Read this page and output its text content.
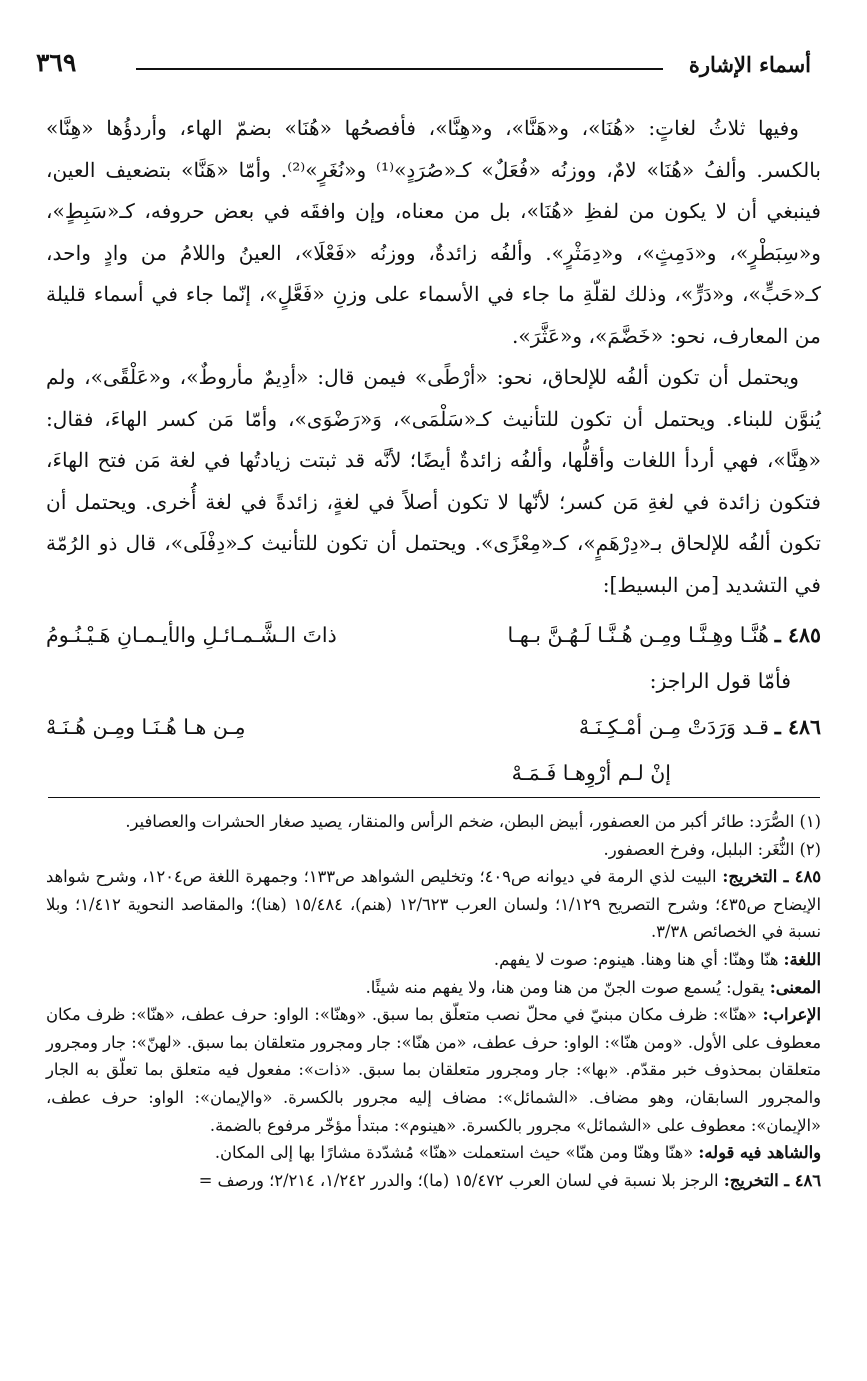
أسماء الإشارة
٣٦٩

وفيها ثلاثُ لغاتٍ: «هُنَا»، و«هَنَّا»، و«هِنَّا»، فأفصحُها «هُنَا» بضمّ الهاء، وأردؤُها «هِنَّا» بالكسر. وألفُ «هُنَا» لامٌ، ووزنُه «فُعَلٌ» كـ«صُرَدٍ»⁽¹⁾ و«نُغَرٍ»⁽²⁾. وأمّا «هَنَّا» بتضعيف العين، فينبغي أن لا يكون من لفظِ «هُنَا»، بل من معناه، وإن وافقَه في بعض حروفه، كـ«سَبِطٍ»، و«سِبَطْرٍ»، و«دَمِثٍ»، و«دِمَثْرٍ». وألفُه زائدةٌ، ووزنُه «فَعْلَا»، العينُ واللامُ من وادٍ واحد، كـ«حَبٍّ»، و«دَرٍّ»، وذلك لقلّةِ ما جاء في الأسماء على وزنِ «فَعَّلٍ»، إنّما جاء في أسماء قليلة من المعارف، نحو: «خَضَّمَ»، و«عَثَّرَ».

ويحتمل أن تكون ألفُه للإلحاق، نحو: «أرْطًى» فيمن قال: «أدِيمٌ مأروطٌ»، و«عَلْقًى»، ولم يُنوَّن للبناء. ويحتمل أن تكون للتأنيث كـ«سَلْمَى»، وَ«رَضْوَى»، وأمّا مَن كسر الهاءَ، فقال: «هِنَّا»، فهي أردأ اللغات وأقلُّها، وألفُه زائدةٌ أيضًا؛ لأنَّه قد ثبتت زيادتُها في لغة مَن فتح الهاءَ، فتكون زائدة في لغةِ مَن كسر؛ لأنّها لا تكون أصلاً في لغةٍ، زائدةً في لغة أُخرى. ويحتمل أن تكون ألفُه للإلحاق بـ«دِرْهَمٍ»، كـ«مِعْزًى». ويحتمل أن تكون للتأنيث كـ«دِفْلَى»، قال ذو الرُمّة في التشديد [من البسيط]:

٤٨٥ ـ
هُنَّـا وهِـنَّـا ومِـن هُـنَّـا لَـهُـنَّ بـهـا
ذاتَ الـشَّـمـائـلِ والأيـمـانِ هَـيْـنُـومُ

فأمّا قول الراجز:

٤٨٦ ـ
قـد وَرَدَتْ مِـن أمْـكِـنَـهْ
مِـن هـا هُـنَـا ومِـن هُـنَـهْ
إنْ لـم أرْوِهـا فَـمَـهْ

(١) الصُّرَد: طائر أكبر من العصفور، أبيض البطن، ضخم الرأس والمنقار، يصيد صغار الحشرات والعصافير.

(٢) النُّغَر: البلبل، وفرخ العصفور.

٤٨٥ ـ التخريج: البيت لذي الرمة في ديوانه ص٤٠٩؛ وتخليص الشواهد ص١٣٣؛ وجمهرة اللغة ص١٢٠٤، وشرح شواهد الإيضاح ص٤٣٥؛ وشرح التصريح ١/١٢٩؛ ولسان العرب ١٢/٦٢٣ (هنم)، ١٥/٤٨٤ (هنا)؛ والمقاصد النحوية ١/٤١٢؛ وبلا نسبة في الخصائص ٣/٣٨.

اللغة: هنّا وهنّا: أي هنا وهنا. هينوم: صوت لا يفهم.

المعنى: يقول: يُسمع صوت الجنّ من هنا ومن هنا، ولا يفهم منه شيئًا.

الإعراب: «هنّا»: ظرف مكان مبنيّ في محلّ نصب متعلّق بما سبق. «وهنّا»: الواو: حرف عطف، «هنّا»: ظرف مكان معطوف على الأول. «ومن هنّا»: الواو: حرف عطف، «من هنّا»: جار ومجرور متعلقان بما سبق. «لهنّ»: جار ومجرور متعلقان بمحذوف خبر مقدّم. «بها»: جار ومجرور متعلقان بما سبق. «ذات»: مفعول فيه متعلق بما تعلّق به الجار والمجرور السابقان، وهو مضاف. «الشمائل»: مضاف إليه مجرور بالكسرة. «والإيمان»: الواو: حرف عطف، «الإيمان»: معطوف على «الشمائل» مجرور بالكسرة. «هينوم»: مبتدأ مؤخّر مرفوع بالضمة.

والشاهد فيه قوله: «هنّا وهنّا ومن هنّا» حيث استعملت «هنّا» مُشدّدة مشارًا بها إلى المكان.

٤٨٦ ـ التخريج: الرجز بلا نسبة في لسان العرب ١٥/٤٧٢ (ما)؛ والدرر ١/٢٤٢، ٢/٢١٤؛ ورصف =
